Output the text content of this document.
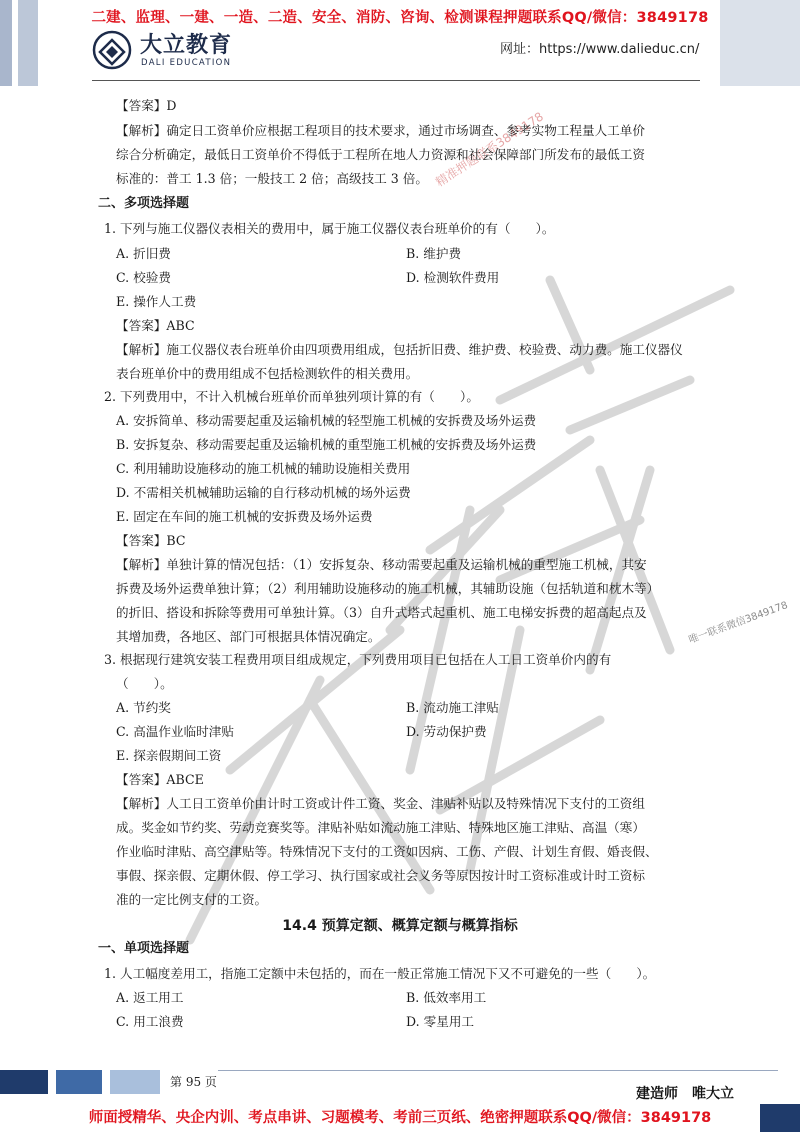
二建、监理、一建、一造、二造、安全、消防、咨询、检测课程押题联系QQ/微信：3849178
大立教育
DALI EDUCATION
网址：https://www.dalieduc.cn/
精准押题联系3849178
唯一联系微信3849178
【答案】D
【解析】确定日工资单价应根据工程项目的技术要求，通过市场调查、参考实物工程量人工单价
综合分析确定，最低日工资单价不得低于工程所在地人力资源和社会保障部门所发布的最低工资
标准的：普工 1.3 倍；一般技工 2 倍；高级技工 3 倍。
二、多项选择题
1. 下列与施工仪器仪表相关的费用中，属于施工仪器仪表台班单价的有（　　）。
A. 折旧费	B. 维护费
C. 校验费	D. 检测软件费用
E. 操作人工费
【答案】ABC
【解析】施工仪器仪表台班单价由四项费用组成，包括折旧费、维护费、校验费、动力费。施工仪器仪
表台班单价中的费用组成不包括检测软件的相关费用。
2. 下列费用中，不计入机械台班单价而单独列项计算的有（　　）。
A. 安拆简单、移动需要起重及运输机械的轻型施工机械的安拆费及场外运费
B. 安拆复杂、移动需要起重及运输机械的重型施工机械的安拆费及场外运费
C. 利用辅助设施移动的施工机械的辅助设施相关费用
D. 不需相关机械辅助运输的自行移动机械的场外运费
E. 固定在车间的施工机械的安拆费及场外运费
【答案】BC
【解析】单独计算的情况包括：（1）安拆复杂、移动需要起重及运输机械的重型施工机械，其安
拆费及场外运费单独计算；（2）利用辅助设施移动的施工机械，其辅助设施（包括轨道和枕木等）
的折旧、搭设和拆除等费用可单独计算。（3）自升式塔式起重机、施工电梯安拆费的超高起点及
其增加费，各地区、部门可根据具体情况确定。
3. 根据现行建筑安装工程费用项目组成规定，下列费用项目已包括在人工日工资单价内的有
（　　）。
A. 节约奖	B. 流动施工津贴
C. 高温作业临时津贴	D. 劳动保护费
E. 探亲假期间工资
【答案】ABCE
【解析】人工日工资单价由计时工资或计件工资、奖金、津贴补贴以及特殊情况下支付的工资组
成。奖金如节约奖、劳动竞赛奖等。津贴补贴如流动施工津贴、特殊地区施工津贴、高温（寒）
作业临时津贴、高空津贴等。特殊情况下支付的工资如因病、工伤、产假、计划生育假、婚丧假、
事假、探亲假、定期休假、停工学习、执行国家或社会义务等原因按计时工资标准或计时工资标
准的一定比例支付的工资。
14.4 预算定额、概算定额与概算指标
一、单项选择题
1. 人工幅度差用工，指施工定额中未包括的，而在一般正常施工情况下又不可避免的一些（　　）。
A. 返工用工	B. 低效率用工
C. 用工浪费	D. 零星用工
第 95 页
建造师　唯大立
师面授精华、央企内训、考点串讲、习题模考、考前三页纸、绝密押题联系QQ/微信：3849178
